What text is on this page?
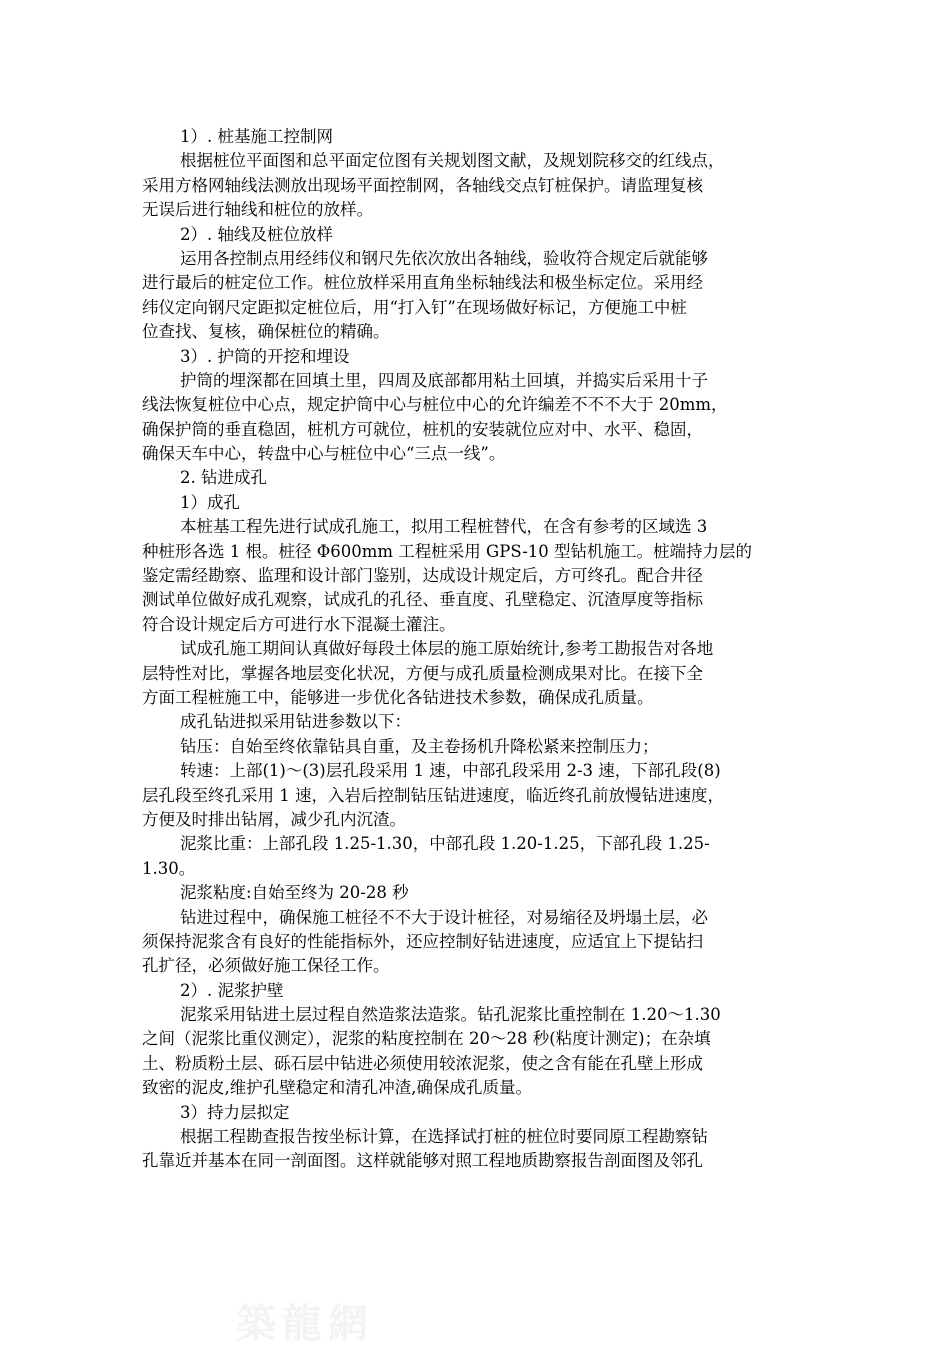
1）. 桩基施工控制网
根据桩位平面图和总平面定位图有关规划图文献，及规划院移交的红线点，
采用方格网轴线法测放出现场平面控制网，各轴线交点钉桩保护。请监理复核
无误后进行轴线和桩位的放样。
2）. 轴线及桩位放样
运用各控制点用经纬仪和钢尺先依次放出各轴线，验收符合规定后就能够
进行最后的桩定位工作。桩位放样采用直角坐标轴线法和极坐标定位。采用经
纬仪定向钢尺定距拟定桩位后，用“打入钉”在现场做好标记，方便施工中桩
位查找、复核，确保桩位的精确。
3）. 护筒的开挖和埋设
护筒的埋深都在回填土里，四周及底部都用粘土回填，并捣实后采用十子
线法恢复桩位中心点，规定护筒中心与桩位中心的允许编差不不不大于 20mm，
确保护筒的垂直稳固，桩机方可就位，桩机的安装就位应对中、水平、稳固，
确保天车中心，转盘中心与桩位中心“三点一线”。
2. 钻进成孔
1）成孔
本桩基工程先进行试成孔施工，拟用工程桩替代，在含有参考的区域选 3
种桩形各选 1 根。桩径 Φ600mm 工程桩采用 GPS-10 型钻机施工。桩端持力层的
鉴定需经勘察、监理和设计部门鉴别，达成设计规定后，方可终孔。配合井径
测试单位做好成孔观察，试成孔的孔径、垂直度、孔壁稳定、沉渣厚度等指标
符合设计规定后方可进行水下混凝土灌注。
试成孔施工期间认真做好每段土体层的施工原始统计,参考工勘报告对各地
层特性对比，掌握各地层变化状况，方便与成孔质量检测成果对比。在接下全
方面工程桩施工中，能够进一步优化各钻进技术参数，确保成孔质量。
成孔钻进拟采用钻进参数以下：
钻压：自始至终依靠钻具自重，及主卷扬机升降松紧来控制压力；
转速：上部(1)～(3)层孔段采用 1 速，中部孔段采用 2-3 速，下部孔段(8)
层孔段至终孔采用 1 速，入岩后控制钻压钻进速度，临近终孔前放慢钻进速度，
方便及时排出钻屑，减少孔内沉渣。
泥浆比重：上部孔段 1.25-1.30，中部孔段 1.20-1.25，下部孔段 1.25-
1.30。
泥浆粘度:自始至终为 20-28 秒
钻进过程中，确保施工桩径不不大于设计桩径，对易缩径及坍塌土层，必
须保持泥浆含有良好的性能指标外，还应控制好钻进速度，应适宜上下提钻扫
孔扩径，必须做好施工保径工作。
2）. 泥浆护壁
泥浆采用钻进土层过程自然造浆法造浆。钻孔泥浆比重控制在 1.20～1.30
之间（泥浆比重仪测定），泥浆的粘度控制在 20～28 秒(粘度计测定)；在杂填
土、粉质粉土层、砾石层中钻进必须使用较浓泥浆，使之含有能在孔壁上形成
致密的泥皮,维护孔壁稳定和清孔冲渣,确保成孔质量。
3）持力层拟定
根据工程勘查报告按坐标计算，在选择试打桩的桩位时要同原工程勘察钻
孔靠近并基本在同一剖面图。这样就能够对照工程地质勘察报告剖面图及邻孔
築龍網
